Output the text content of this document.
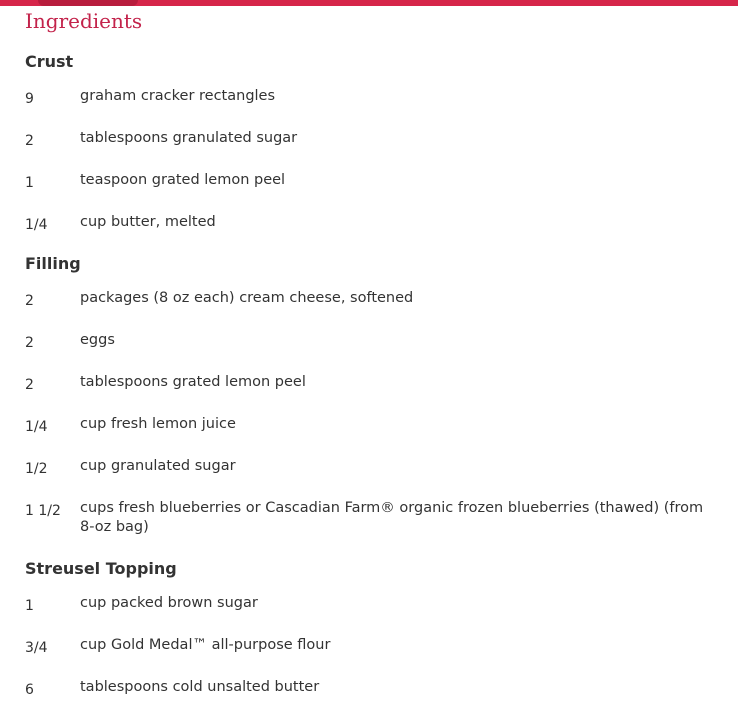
Ingredients
Crust
9	graham cracker rectangles
2	tablespoons granulated sugar
1	teaspoon grated lemon peel
1/4 cup butter, melted
Filling
2	packages (8 oz each) cream cheese, softened
2	eggs
2	tablespoons grated lemon peel
1/4 cup fresh lemon juice
1/2 cup granulated sugar
1 1/2 cups fresh blueberries or Cascadian Farm® organic frozen blueberries (thawed) (from 8-oz bag)
Streusel Topping
1	cup packed brown sugar
3/4 cup Gold Medal™ all-purpose flour
6	tablespoons cold unsalted butter
